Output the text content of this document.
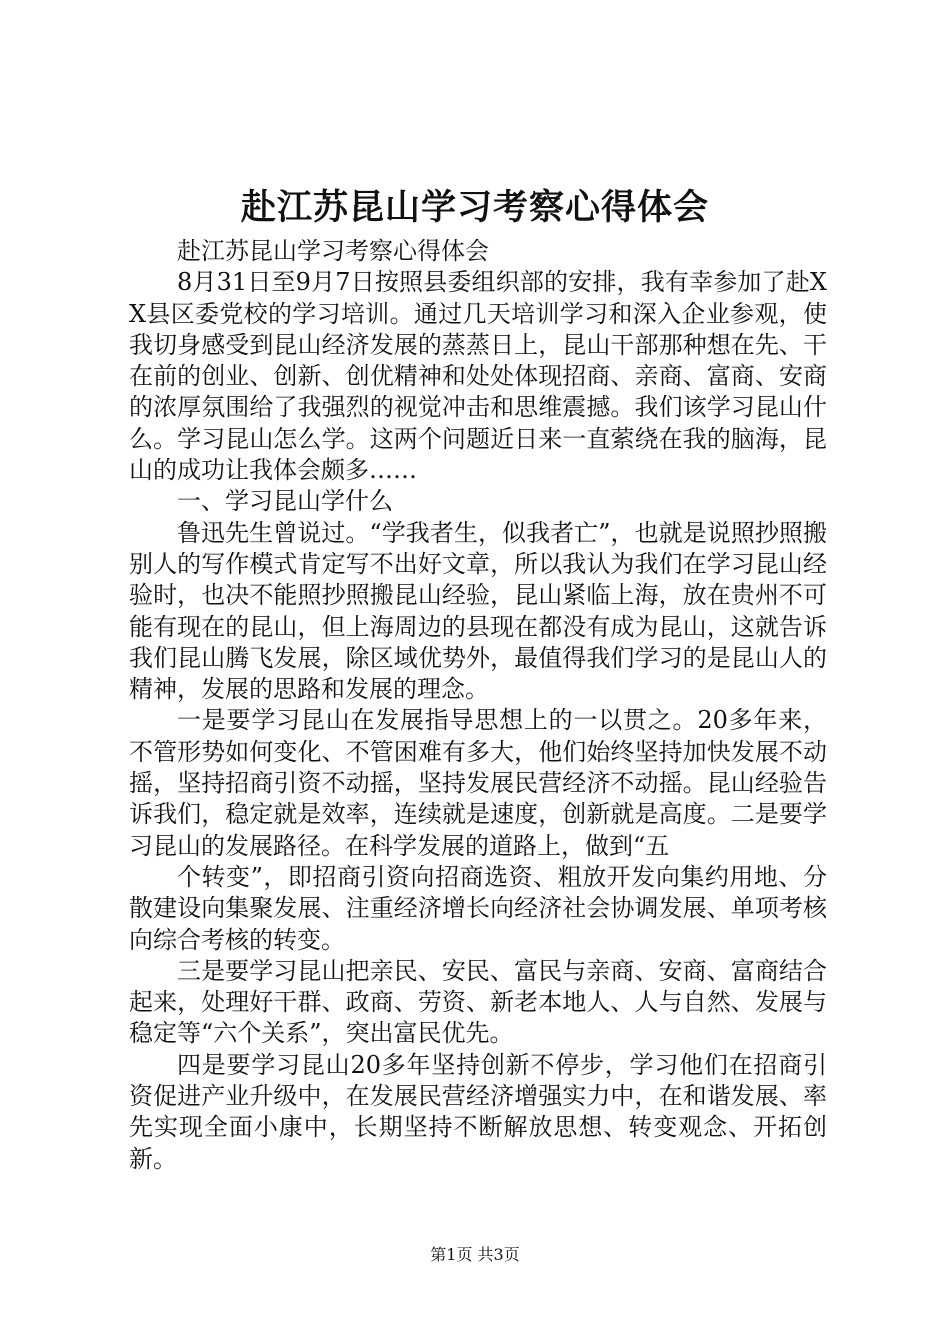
赴江苏昆山学习考察心得体会

赴江苏昆山学习考察心得体会

8月31日至9月7日按照县委组织部的安排，我有幸参加了赴XX县区委党校的学习培训。通过几天培训学习和深入企业参观，使我切身感受到昆山经济发展的蒸蒸日上，昆山干部那种想在先、干在前的创业、创新、创优精神和处处体现招商、亲商、富商、安商的浓厚氛围给了我强烈的视觉冲击和思维震撼。我们该学习昆山什么。学习昆山怎么学。这两个问题近日来一直萦绕在我的脑海，昆山的成功让我体会颇多……

一、学习昆山学什么

鲁迅先生曾说过。“学我者生，似我者亡”，也就是说照抄照搬别人的写作模式肯定写不出好文章，所以我认为我们在学习昆山经验时，也决不能照抄照搬昆山经验，昆山紧临上海，放在贵州不可能有现在的昆山，但上海周边的县现在都没有成为昆山，这就告诉我们昆山腾飞发展，除区域优势外，最值得我们学习的是昆山人的精神，发展的思路和发展的理念。

一是要学习昆山在发展指导思想上的一以贯之。20多年来，不管形势如何变化、不管困难有多大，他们始终坚持加快发展不动摇，坚持招商引资不动摇，坚持发展民营经济不动摇。昆山经验告诉我们，稳定就是效率，连续就是速度，创新就是高度。二是要学习昆山的发展路径。在科学发展的道路上，做到“五

个转变”，即招商引资向招商选资、粗放开发向集约用地、分散建设向集聚发展、注重经济增长向经济社会协调发展、单项考核向综合考核的转变。

三是要学习昆山把亲民、安民、富民与亲商、安商、富商结合起来，处理好干群、政商、劳资、新老本地人、人与自然、发展与稳定等“六个关系”，突出富民优先。

四是要学习昆山20多年坚持创新不停步，学习他们在招商引资促进产业升级中，在发展民营经济增强实力中，在和谐发展、率先实现全面小康中，长期坚持不断解放思想、转变观念、开拓创新。

第1页 共3页
